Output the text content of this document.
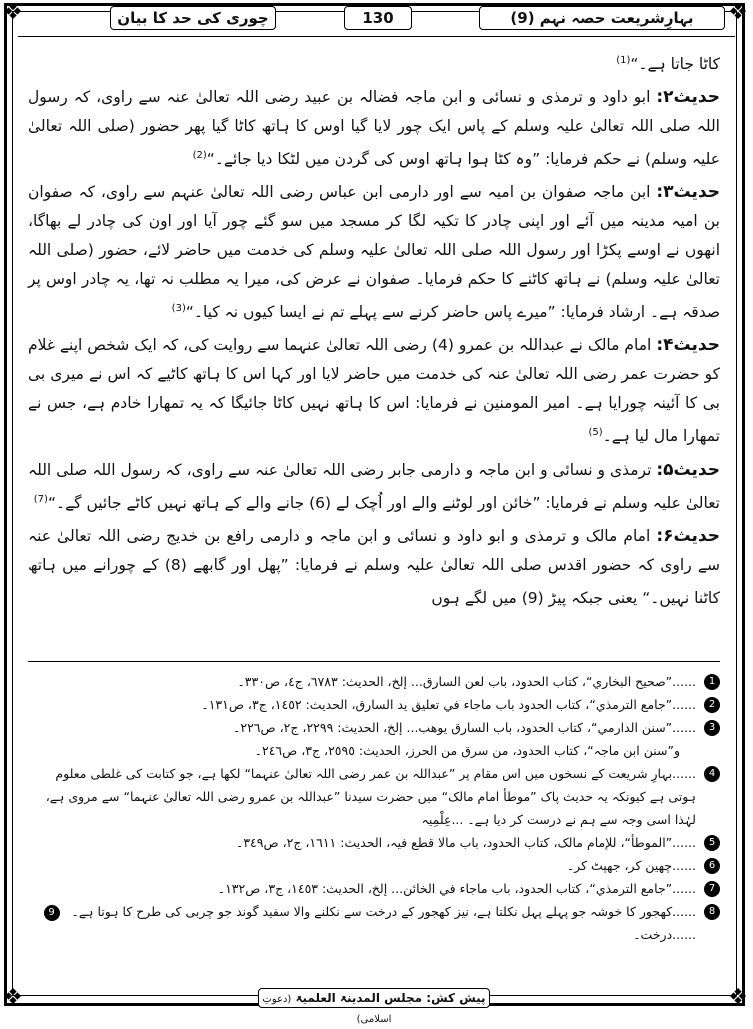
❖	❖
❖	❖
بہارِشریعت حصہ نہم (9)
130
چوری کی حد کا بیان

کاٹا جاتا ہے۔“$^{(1)}$

حدیث۲: ابو داود و ترمذی و نسائی و ابن ماجہ فضالہ بن عبید رضی اللہ تعالیٰ عنہ سے راوی، کہ رسول اللہ صلی اللہ تعالیٰ علیہ وسلم کے پاس ایک چور لایا گیا اوس کا ہاتھ کاٹا گیا پھر حضور (صلی اللہ تعالیٰ علیہ وسلم) نے حکم فرمایا: ”وہ کٹا ہوا ہاتھ اوس کی گردن میں لٹکا دیا جائے۔“$^{(2)}$

حدیث۳: ابن ماجہ صفوان بن امیہ سے اور دارمی ابن عباس رضی اللہ تعالیٰ عنہم سے راوی، کہ صفوان بن امیہ مدینہ میں آئے اور اپنی چادر کا تکیہ لگا کر مسجد میں سو گئے چور آیا اور اون کی چادر لے بھاگا، انھوں نے اوسے پکڑا اور رسول اللہ صلی اللہ تعالیٰ علیہ وسلم کی خدمت میں حاضر لائے، حضور (صلی اللہ تعالیٰ علیہ وسلم) نے ہاتھ کاٹنے کا حکم فرمایا۔ صفوان نے عرض کی، میرا یہ مطلب نہ تھا، یہ چادر اوس پر صدقہ ہے۔ ارشاد فرمایا: ”میرے پاس حاضر کرنے سے پہلے تم نے ایسا کیوں نہ کیا۔“$^{(3)}$

حدیث۴: امام مالک نے عبداللہ بن عمرو (4) رضی اللہ تعالیٰ عنہما سے روایت کی، کہ ایک شخص اپنے غلام کو حضرت عمر رضی اللہ تعالیٰ عنہ کی خدمت میں حاضر لایا اور کہا اس کا ہاتھ کاٹیے کہ اس نے میری بی بی کا آئینہ چورایا ہے۔ امیر المومنین نے فرمایا: اس کا ہاتھ نہیں کاٹا جائیگا کہ یہ تمھارا خادم ہے، جس نے تمھارا مال لیا ہے۔$^{(5)}$

حدیث۵: ترمذی و نسائی و ابن ماجہ و دارمی جابر رضی اللہ تعالیٰ عنہ سے راوی، کہ رسول اللہ صلی اللہ تعالیٰ علیہ وسلم نے فرمایا: ”خائن اور لوٹنے والے اور اُچک لے (6) جانے والے کے ہاتھ نہیں کاٹے جائیں گے۔“$^{(7)}$

حدیث۶: امام مالک و ترمذی و ابو داود و نسائی و ابن ماجہ و دارمی رافع بن خدیج رضی اللہ تعالیٰ عنہ سے راوی کہ حضور اقدس صلی اللہ تعالیٰ علیہ وسلم نے فرمایا: ”پھل اور گابھے (8) کے چورانے میں ہاتھ کاٹنا نہیں۔“ یعنی جبکہ پیڑ (9) میں لگے ہوں

1
......”صحیح البخاري“، کتاب الحدود، باب لعن السارق... إلخ، الحدیث: ٦٧٨٣، ج٤، ص٣٣٠۔

2
......”جامع الترمذي“، کتاب الحدود باب ماجاء في تعلیق ید السارق، الحدیث: ١٤٥٢، ج٣، ص١٣١۔

3
......”سنن الدارمي“، کتاب الحدود، باب السارق یوھب... إلخ، الحدیث: ٢٢٩٩، ج٢، ص٢٢٦۔

و”سنن ابن ماجہ“، کتاب الحدود، من سرق من الحرز، الحدیث: ٢٥٩٥، ج٣، ص٢٤٦۔

4
......بہارِ شریعت کے نسخوں میں اس مقام پر ”عبداللہ بن عمر رضی اللہ تعالیٰ عنہما“ لکھا ہے، جو کتابت کی غلطی معلوم ہوتی ہے کیونکہ یہ حدیث پاک ”موطأ امام مالک“ میں حضرت سیدنا ”عبداللہ بن عمرو رضی اللہ تعالیٰ عنہما“ سے مروی ہے، لہٰذا اسی وجہ سے ہم نے درست کر دیا ہے۔ ...عِلْمِیہ

5
......”الموطأ“، للإمام مالک، کتاب الحدود، باب مالا قطع فیہ، الحدیث: ١٦١١، ج٢، ص٣٤٩۔

6
......چھین کر، جھپٹ کر۔

7
......”جامع الترمذي“، کتاب الحدود، باب ماجاء في الخائن... إلخ، الحدیث: ١٤٥٣، ج٣، ص١٣٢۔

8
......کھجور کا خوشہ جو پہلے پہل نکلتا ہے، نیز کھجور کے درخت سے نکلنے والا سفید گوند جو چربی کی طرح کا ہوتا ہے۔  9......درخت۔

پیش کش: مجلس المدینۃ العلمیۃ (دعوتِ اسلامی)
